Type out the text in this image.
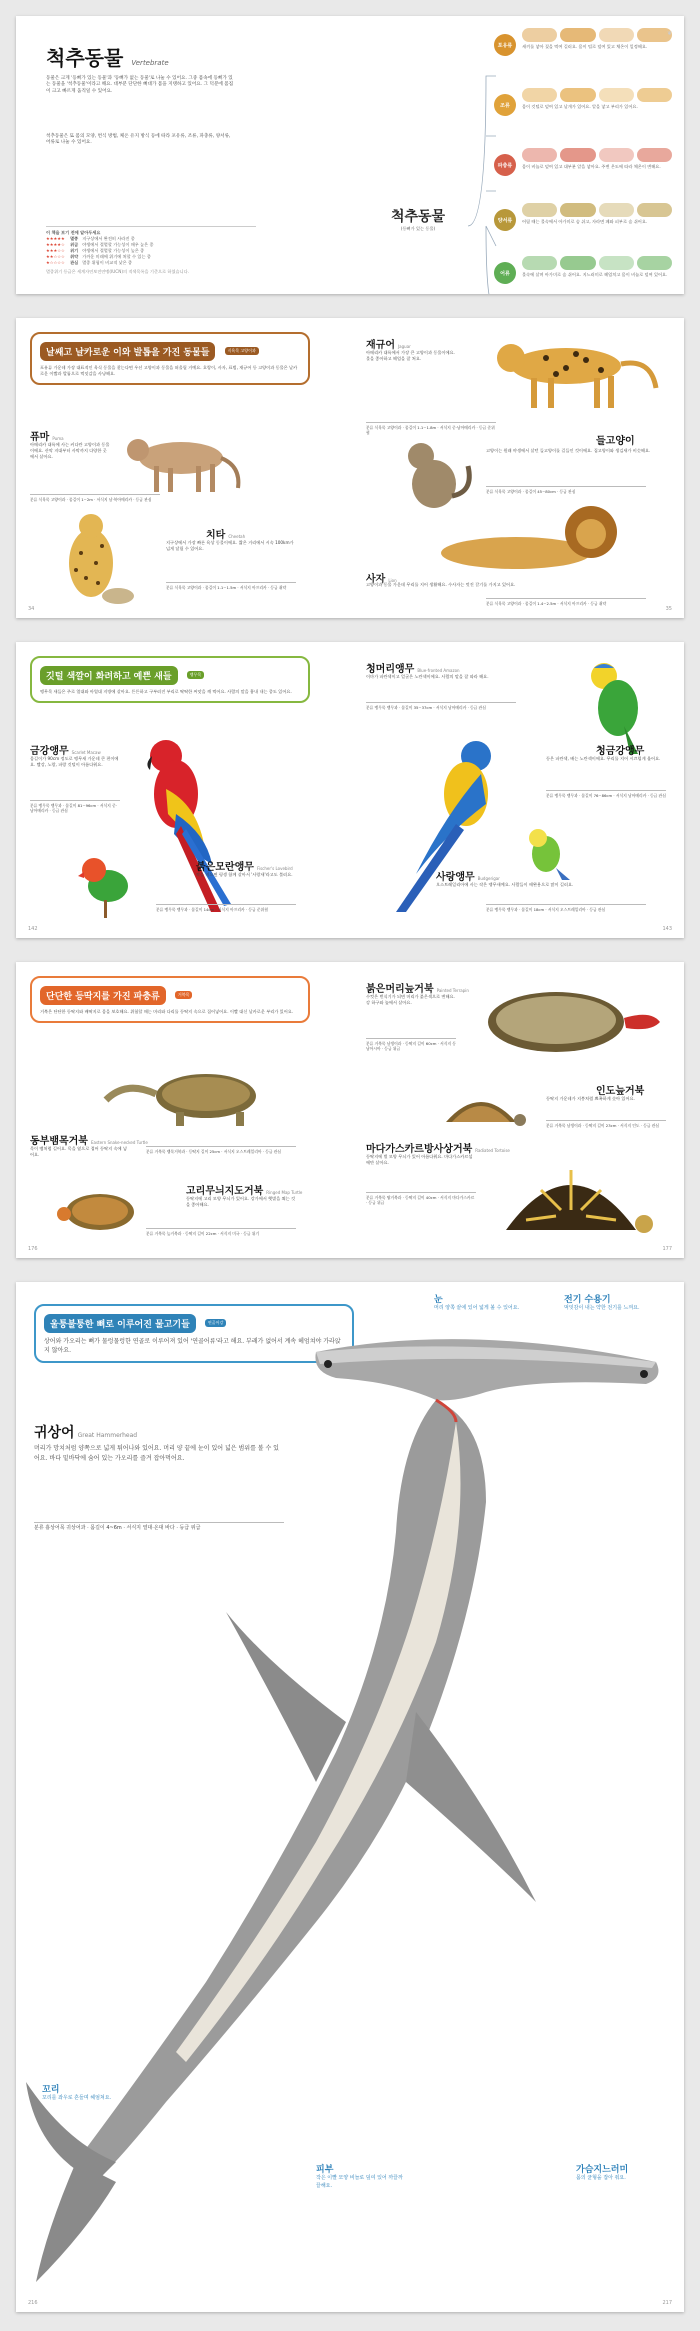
척추동물 Vertebrate
동물은 크게 '등뼈가 있는 동물'과 '등뼈가 없는 동물'로 나눌 수 있어요. 그중 몸속에 등뼈가 있는 동물을 '척추동물'이라고 해요. 대부분 단단한 뼈대가 몸을 지탱하고 있어요. 그 덕분에 몸집이 크고 빠르게 움직일 수 있어요.
척추동물은 또 몸의 모양, 번식 방법, 체온 유지 방식 등에 따라 포유류, 조류, 파충류, 양서류, 어류로 나눌 수 있어요.
이 책을 보기 전에 알아두세요
★★★★★ 멸종 지구상에서 완전히 사라진 종
★★★★☆ 위급 야생에서 절멸할 가능성이 매우 높은 종
★★★☆☆ 위기 야생에서 절멸할 가능성이 높은 종
★★☆☆☆ 취약 가까운 미래에 위기에 처할 수 있는 종
★☆☆☆☆ 관심 멸종 위험이 비교적 낮은 종
멸종위기 등급은 세계자연보전연맹(IUCN)의 적색목록을 기준으로 하였습니다.
척추동물
(등뼈가 있는 동물)
포유류 새끼를 낳아 젖을 먹여 길러요. 몸이 털로 덮여 있고 체온이 일정해요.
조류	몸이 깃털로 덮여 있고 날개가 있어요. 알을 낳고 부리가 있어요.
파충류 몸이 비늘로 덮여 있고 대부분 알을 낳아요. 주변 온도에 따라 체온이 변해요.
양서류 어릴 때는 물속에서 아가미로 숨 쉬고, 자라면 폐와 피부로 숨 쉬어요.
어류	물속에 살며 아가미로 숨 쉬어요. 지느러미로 헤엄치고 몸이 비늘로 덮여 있어요.
❦
날쌔고 날카로운 이와 발톱을 가진 동물들	식육목 고양이과
포유류 가운데 가장 대표적인 육식 동물을 찾는다면 우선 고양이과 동물을 떠올릴 거예요. 호랑이, 사자, 표범, 재규어 등 고양이과 동물은 날카로운 이빨과 발톱으로 먹잇감을 사냥해요.
퓨마 Puma
아메리카 대륙에 사는 커다란 고양이과 동물이에요. 산악 지대부터 사막까지 다양한 곳에서 살아요.
분류 식육목 고양이과 · 몸길이 1~2m · 서식지 남·북아메리카 · 등급 관심
치타 Cheetah
지구상에서 가장 빠른 육상 동물이에요. 짧은 거리에서 시속 100km가 넘게 달릴 수 있어요.
분류 식육목 고양이과 · 몸길이 1.1~1.5m · 서식지 아프리카 · 등급 취약
재규어 Jaguar
아메리카 대륙에서 가장 큰 고양이과 동물이에요. 물을 좋아하고 헤엄을 잘 쳐요.
분류 식육목 고양이과 · 몸길이 1.1~1.8m · 서식지 중·남아메리카 · 등급 준위협
들고양이
고양이는 원래 야생에서 살던 들고양이를 길들인 것이에요. 집고양이와 생김새가 비슷해요.
분류 식육목 고양이과 · 몸길이 45~80cm · 등급 관심
사자 Lion
고양이과 동물 가운데 무리를 지어 생활해요. 수사자는 멋진 갈기를 가지고 있어요.
분류 식육목 고양이과 · 몸길이 1.4~2.5m · 서식지 아프리카 · 등급 취약
34	35
깃털 색깔이 화려하고 예쁜 새들	앵무목
앵무목 새들은 주로 열대와 아열대 지방에 살아요. 튼튼하고 구부러진 부리로 딱딱한 씨앗을 깨 먹어요. 사람의 말을 흉내 내는 종도 있어요.
금강앵무 Scarlet Macaw
몸길이가 90cm 정도로 앵무새 가운데 큰 편이에요. 빨강, 노랑, 파랑 깃털이 아름다워요.
분류 앵무목 앵무과 · 몸길이 81~96cm · 서식지 중·남아메리카 · 등급 관심
붉은모란앵무 Fischer's Lovebird
짝을 지으면 평생 함께 살아서 '사랑새'라고도 불러요.
분류 앵무목 앵무과 · 몸길이 14cm · 서식지 아프리카 · 등급 준위협
청머리앵무 Blue-fronted Amazon
이마가 파란색이고 얼굴은 노란색이에요. 사람의 말을 잘 따라 해요.
분류 앵무목 앵무과 · 몸길이 35~37cm · 서식지 남아메리카 · 등급 관심
청금강앵무
등은 파란색, 배는 노란색이에요. 무리를 지어 시끄럽게 울어요.
분류 앵무목 앵무과 · 몸길이 76~86cm · 서식지 남아메리카 · 등급 관심
사랑앵무 Budgerigar
오스트레일리아에 사는 작은 앵무새예요. 사람들이 애완용으로 많이 길러요.
분류 앵무목 앵무과 · 몸길이 18cm · 서식지 오스트레일리아 · 등급 관심
142	143
단단한 등딱지를 가진 파충류	거북목
거북은 단단한 등딱지와 배딱지로 몸을 보호해요. 위험할 때는 머리와 다리를 등딱지 속으로 집어넣어요. 이빨 대신 날카로운 부리가 있어요.
동부뱀목거북 Eastern Snake-necked Turtle
목이 뱀처럼 길어요. 목을 옆으로 접어 등딱지 속에 넣어요.
분류 거북목 뱀목거북과 · 등딱지 길이 25cm · 서식지 오스트레일리아 · 등급 관심
고리무늬지도거북 Ringed Map Turtle
등딱지에 고리 모양 무늬가 있어요. 강가에서 햇볕을 쬐는 것을 좋아해요.
분류 거북목 늪거북과 · 등딱지 길이 22cm · 서식지 미국 · 등급 위기
붉은머리늪거북 Painted Terrapin
수컷은 번식기가 되면 머리가 붉은색으로 변해요. 강 하구와 늪에서 살아요.
분류 거북목 남생이과 · 등딱지 길이 60cm · 서식지 동남아시아 · 등급 위급
인도늪거북
등딱지 가운데가 지붕처럼 뾰족하게 솟아 있어요.
분류 거북목 남생이과 · 등딱지 길이 23cm · 서식지 인도 · 등급 관심
마다가스카르방사상거북 Radiated Tortoise
등딱지에 별 모양 무늬가 있어 아름다워요. 마다가스카르섬에만 살아요.
분류 거북목 땅거북과 · 등딱지 길이 40cm · 서식지 마다가스카르 · 등급 위급
176	177
울퉁불퉁한 뼈로 이루어진 물고기들	연골어강
상어와 가오리는 뼈가 물렁물렁한 연골로 이루어져 있어 '연골어류'라고 해요. 부레가 없어서 계속 헤엄쳐야 가라앉지 않아요.
귀상어 Great Hammerhead
머리가 망치처럼 양쪽으로 넓게 튀어나와 있어요. 머리 양 끝에 눈이 있어 넓은 범위를 볼 수 있어요. 바다 밑바닥에 숨어 있는 가오리를 즐겨 잡아먹어요.
분류 흉상어목 귀상어과 · 몸길이 4~6m · 서식지 열대·온대 바다 · 등급 위급
눈
머리 양쪽 끝에 있어 넓게 볼 수 있어요.
전기 수용기
먹잇감이 내는 약한 전기를 느껴요.
꼬리
꼬리를 좌우로 흔들며 헤엄쳐요.
피부
작은 이빨 모양 비늘로 덮여 있어 까끌까끌해요.
가슴지느러미
몸의 균형을 잡아 줘요.
216	217
